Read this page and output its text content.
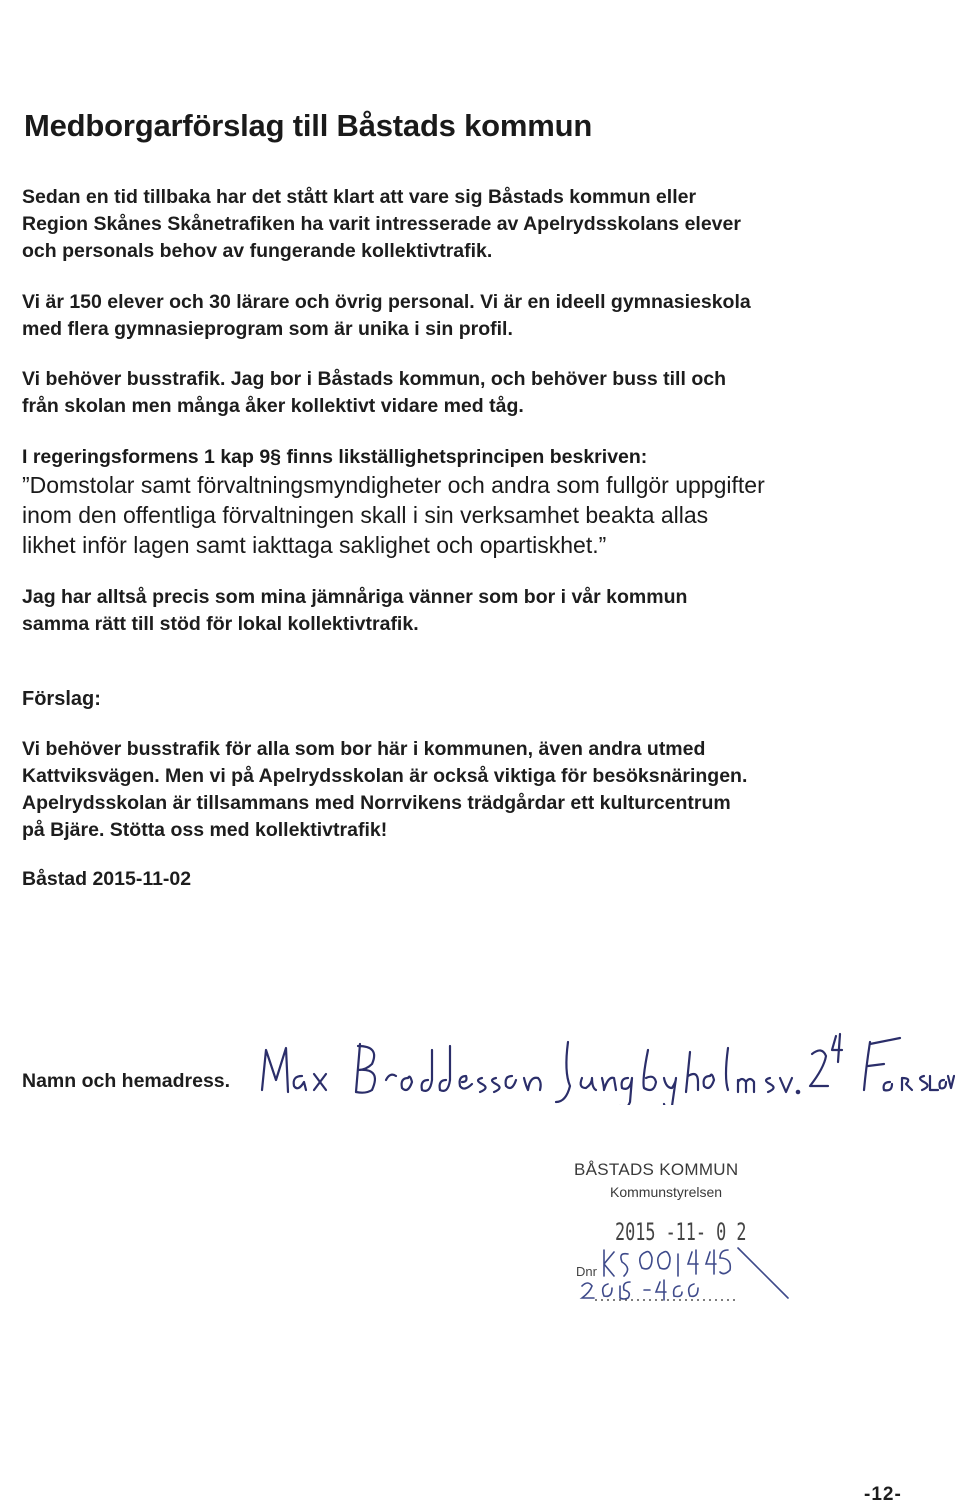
Medborgarförslag till Båstads kommun

Sedan en tid tillbaka har det stått klart att vare sig Båstads kommun eller
Region Skånes Skånetrafiken ha varit intresserade av Apelrydsskolans elever
och personals behov av fungerande kollektivtrafik.

Vi är 150 elever och 30 lärare och övrig personal. Vi är en ideell gymnasieskola
med flera gymnasieprogram som är unika i sin profil.

Vi behöver busstrafik. Jag bor i Båstads kommun, och behöver buss till och
från skolan men många åker kollektivt vidare med tåg.

I regeringsformens 1 kap 9§ finns likställighetsprincipen beskriven:
”Domstolar samt förvaltningsmyndigheter och andra som fullgör uppgifter
inom den offentliga förvaltningen skall i sin verksamhet beakta allas
likhet inför lagen samt iakttaga saklighet och opartiskhet.”

Jag har alltså precis som mina jämnåriga vänner som bor i vår kommun
samma rätt till stöd för lokal kollektivtrafik.

Förslag:

Vi behöver busstrafik för alla som bor här i kommunen, även andra utmed
Kattviksvägen. Men vi på Apelrydsskolan är också viktiga för besöksnäringen.
Apelrydsskolan är tillsammans med Norrvikens trädgårdar ett kulturcentrum
på Bjäre. Stötta oss med kollektivtrafik!

Båstad 2015-11-02

Namn och hemadress.

BÅSTADS KOMMUN

Kommunstyrelsen

2015 -11- 0 2

Dnr

-12-
